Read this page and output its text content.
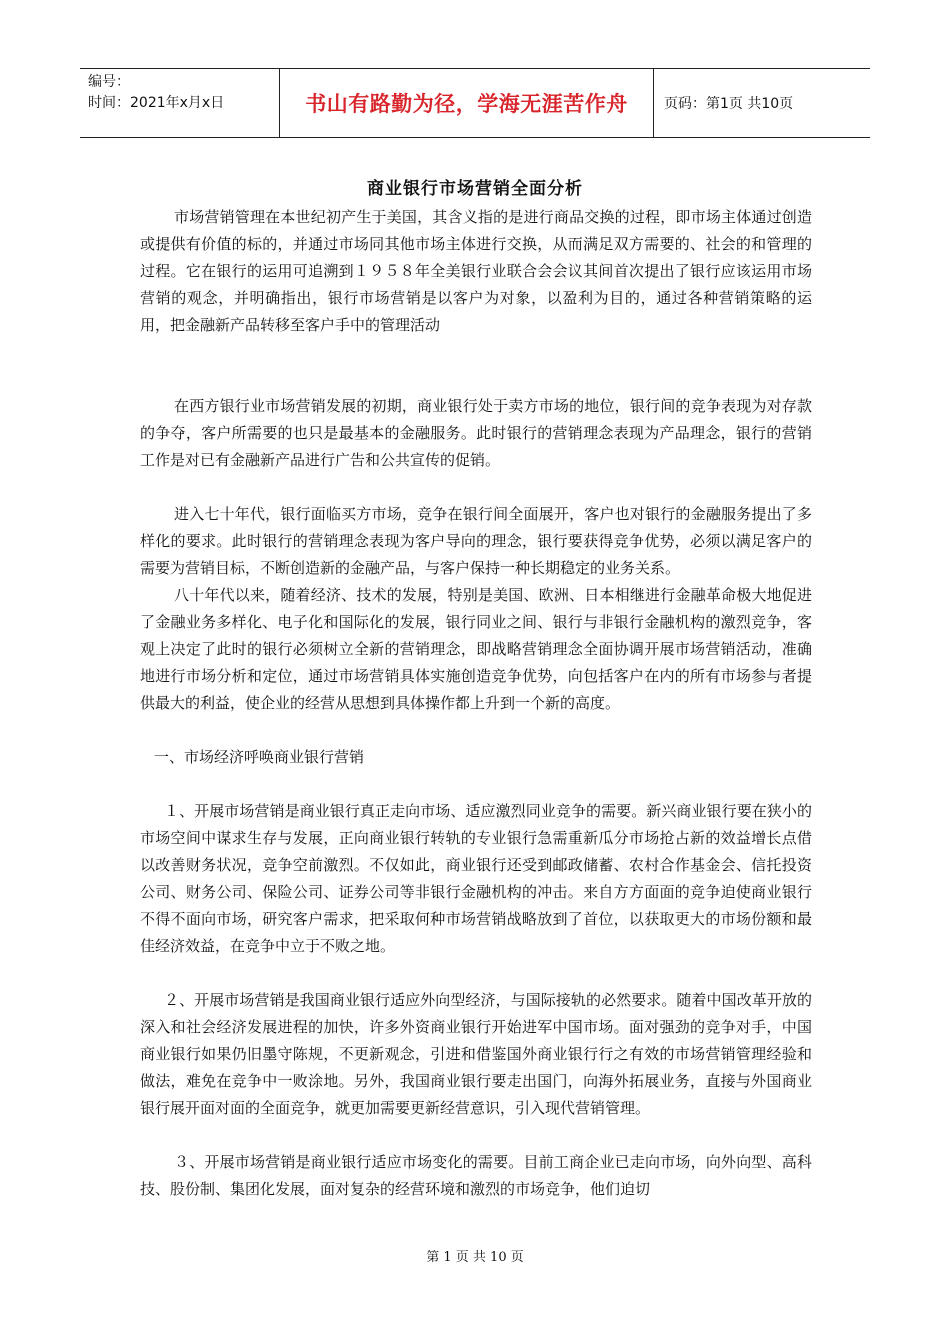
编号：
时间：2021年x月x日	书山有路勤为径，学海无涯苦作舟	页码：第1页 共10页
商业银行市场营销全面分析

市场营销管理在本世纪初产生于美国，其含义指的是进行商品交换的过程，即市场主体通过创造或提供有价值的标的，并通过市场同其他市场主体进行交换，从而满足双方需要的、社会的和管理的过程。它在银行的运用可追溯到１９５８年全美银行业联合会会议其间首次提出了银行应该运用市场营销的观念，并明确指出，银行市场营销是以客户为对象，以盈利为目的，通过各种营销策略的运用，把金融新产品转移至客户手中的管理活动

在西方银行业市场营销发展的初期，商业银行处于卖方市场的地位，银行间的竞争表现为对存款的争夺，客户所需要的也只是最基本的金融服务。此时银行的营销理念表现为产品理念，银行的营销工作是对已有金融新产品进行广告和公共宣传的促销。

进入七十年代，银行面临买方市场，竞争在银行间全面展开，客户也对银行的金融服务提出了多样化的要求。此时银行的营销理念表现为客户导向的理念，银行要获得竞争优势，必须以满足客户的需要为营销目标，不断创造新的金融产品，与客户保持一种长期稳定的业务关系。

八十年代以来，随着经济、技术的发展，特别是美国、欧洲、日本相继进行金融革命极大地促进了金融业务多样化、电子化和国际化的发展，银行同业之间、银行与非银行金融机构的激烈竞争，客观上决定了此时的银行必须树立全新的营销理念，即战略营销理念全面协调开展市场营销活动，准确地进行市场分析和定位，通过市场营销具体实施创造竞争优势，向包括客户在内的所有市场参与者提供最大的利益，使企业的经营从思想到具体操作都上升到一个新的高度。

一、市场经济呼唤商业银行营销

１、开展市场营销是商业银行真正走向市场、适应激烈同业竞争的需要。新兴商业银行要在狭小的市场空间中谋求生存与发展，正向商业银行转轨的专业银行急需重新瓜分市场抢占新的效益增长点借以改善财务状况，竞争空前激烈。不仅如此，商业银行还受到邮政储蓄、农村合作基金会、信托投资公司、财务公司、保险公司、证券公司等非银行金融机构的冲击。来自方方面面的竞争迫使商业银行不得不面向市场，研究客户需求，把采取何种市场营销战略放到了首位，以获取更大的市场份额和最佳经济效益，在竞争中立于不败之地。

２、开展市场营销是我国商业银行适应外向型经济，与国际接轨的必然要求。随着中国改革开放的深入和社会经济发展进程的加快，许多外资商业银行开始进军中国市场。面对强劲的竞争对手，中国商业银行如果仍旧墨守陈规，不更新观念，引进和借鉴国外商业银行行之有效的市场营销管理经验和做法，难免在竞争中一败涂地。另外，我国商业银行要走出国门，向海外拓展业务，直接与外国商业银行展开面对面的全面竞争，就更加需要更新经营意识，引入现代营销管理。

３、开展市场营销是商业银行适应市场变化的需要。目前工商企业已走向市场，向外向型、高科技、股份制、集团化发展，面对复杂的经营环境和激烈的市场竞争，他们迫切

第 1 页 共 10 页
